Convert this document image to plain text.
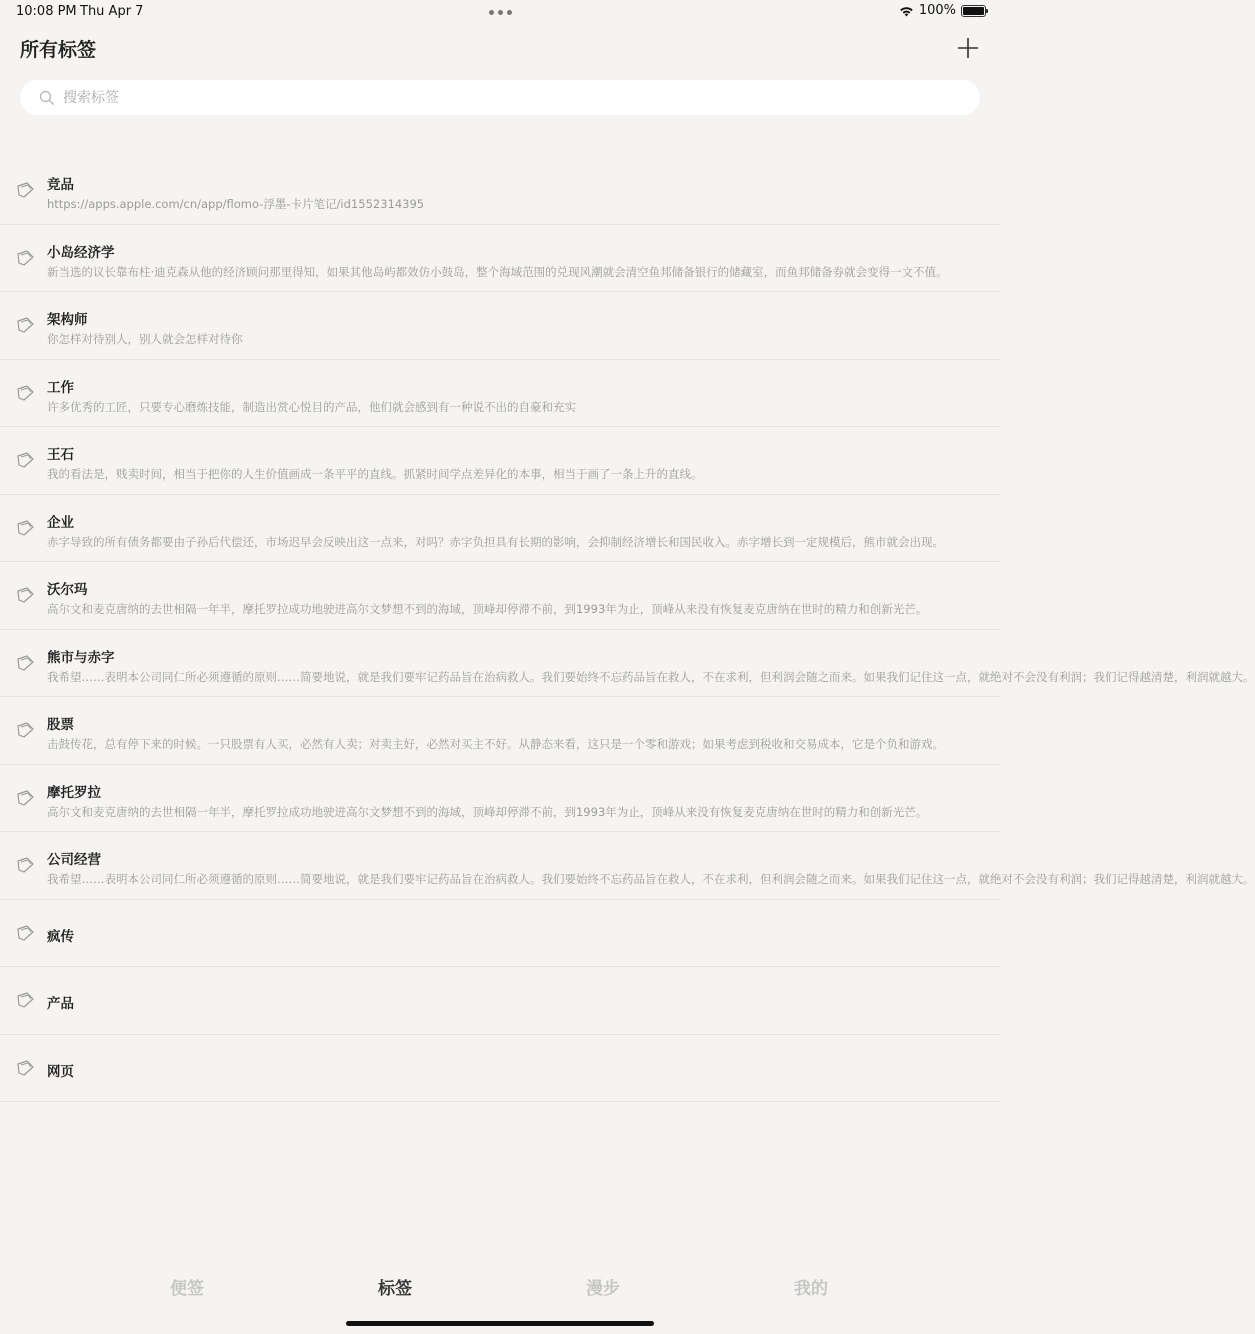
10:08 PM Thu Apr 7	100%
所有标签
搜索标签
竞品
https://apps.apple.com/cn/app/flomo-浮墨-卡片笔记/id1552314395
小岛经济学
新当选的议长靠布柱·迪克森从他的经济顾问那里得知，如果其他岛屿都效仿小鼓岛，整个海域范围的兑现风潮就会清空鱼邦储备银行的储藏室，而鱼邦储备券就会变得一文不值。
架构师
你怎样对待别人，别人就会怎样对待你
工作
许多优秀的工匠，只要专心磨炼技能，制造出赏心悦目的产品，他们就会感到有一种说不出的自豪和充实
王石
我的看法是，贱卖时间，相当于把你的人生价值画成一条平平的直线。抓紧时间学点差异化的本事，相当于画了一条上升的直线。
企业
赤字导致的所有债务都要由子孙后代偿还，市场迟早会反映出这一点来，对吗？赤字负担具有长期的影响，会抑制经济增长和国民收入。赤字增长到一定规模后，熊市就会出现。
沃尔玛
高尔文和麦克唐纳的去世相隔一年半，摩托罗拉成功地驶进高尔文梦想不到的海域，顶峰却停滞不前，到1993年为止，顶峰从来没有恢复麦克唐纳在世时的精力和创新光芒。
熊市与赤字
我希望……表明本公司同仁所必须遵循的原则……简要地说，就是我们要牢记药品旨在治病救人。我们要始终不忘药品旨在救人，不在求利，但利润会随之而来。如果我们记住这一点，就绝对不会没有利润；我们记得越清楚，利润就越大。
股票
击鼓传花，总有停下来的时候。一只股票有人买，必然有人卖；对卖主好，必然对买主不好。从静态来看，这只是一个零和游戏；如果考虑到税收和交易成本，它是个负和游戏。
摩托罗拉
高尔文和麦克唐纳的去世相隔一年半，摩托罗拉成功地驶进高尔文梦想不到的海域，顶峰却停滞不前，到1993年为止，顶峰从来没有恢复麦克唐纳在世时的精力和创新光芒。
公司经营
我希望……表明本公司同仁所必须遵循的原则……简要地说，就是我们要牢记药品旨在治病救人。我们要始终不忘药品旨在救人，不在求利，但利润会随之而来。如果我们记住这一点，就绝对不会没有利润；我们记得越清楚，利润就越大。
疯传
产品
网页
便签	标签	漫步	我的
